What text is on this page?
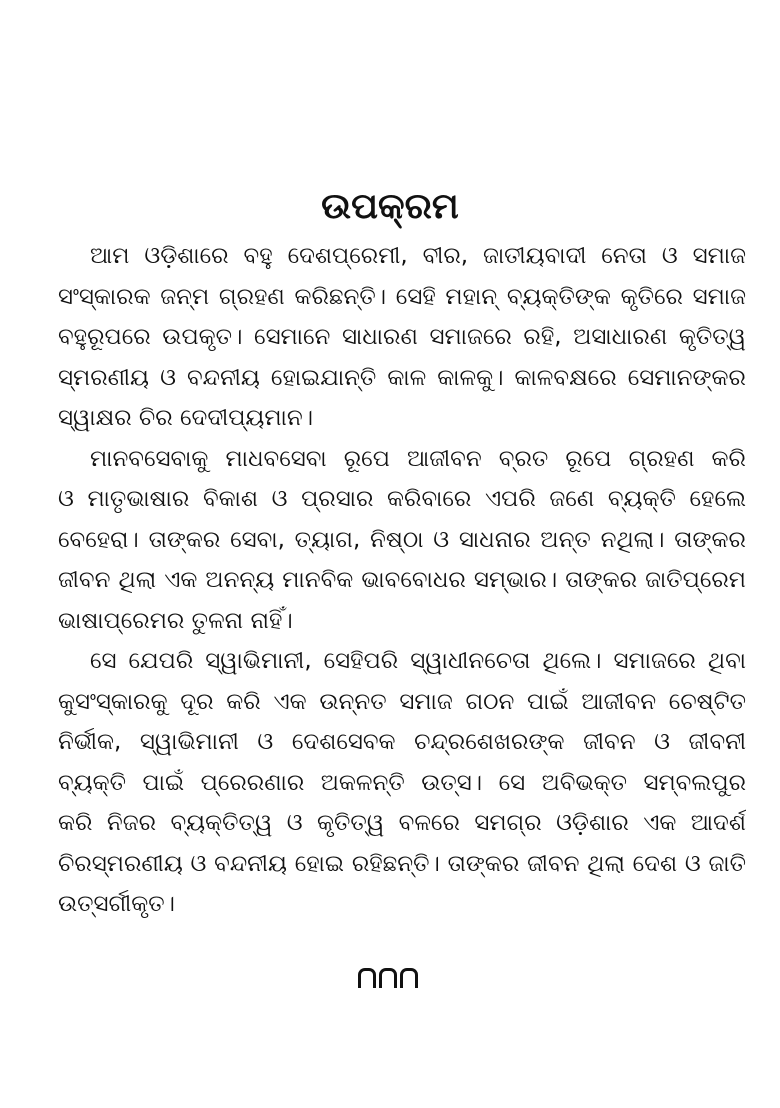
ଉପକ୍ରମ
ଆମ ଓଡ଼ିଶାରେ ବହୁ ଦେଶପ୍ରେମୀ, ବୀର, ଜାତୀୟବାଦୀ ନେତା ଓ ସମାଜ
ସଂସ୍କାରକ ଜନ୍ମ ଗ୍ରହଣ କରିଛନ୍ତି। ସେହି ମହାନ୍ ବ୍ୟକ୍ତିଙ୍କ କୃତିରେ ସମାଜ
ବହୁରୂପରେ ଉପକୃତ। ସେମାନେ ସାଧାରଣ ସମାଜରେ ରହି, ଅସାଧାରଣ କୃତିତ୍ୱ
ସ୍ମରଣୀୟ ଓ ବନ୍ଦନୀୟ ହୋଇଯାନ୍ତି କାଳ କାଳକୁ। କାଳବକ୍ଷରେ ସେମାନଙ୍କର
ସ୍ୱାକ୍ଷର ଚିର ଦେଦୀପ୍ୟମାନ।
ମାନବସେବାକୁ ମାଧବସେବା ରୂପେ ଆଜୀବନ ବ୍ରତ ରୂପେ ଗ୍ରହଣ କରି
ଓ ମାତୃଭାଷାର ବିକାଶ ଓ ପ୍ରସାର କରିବାରେ ଏପରି ଜଣେ ବ୍ୟକ୍ତି ହେଲେ
ବେହେରା। ତାଙ୍କର ସେବା, ତ୍ୟାଗ, ନିଷ୍ଠା ଓ ସାଧନାର ଅନ୍ତ ନଥିଲା। ତାଙ୍କର
ଜୀବନ ଥିଲା ଏକ ଅନନ୍ୟ ମାନବିକ ଭାବବୋଧର ସମ୍ଭାର। ତାଙ୍କର ଜାତିପ୍ରେମ
ଭାଷାପ୍ରେମର ତୁଳନା ନାହିଁ।
ସେ ଯେପରି ସ୍ୱାଭିମାନୀ, ସେହିପରି ସ୍ୱାଧୀନଚେତା ଥିଲେ। ସମାଜରେ ଥିବା
କୁସଂସ୍କାରକୁ ଦୂର କରି ଏକ ଉନ୍ନତ ସମାଜ ଗଠନ ପାଇଁ ଆଜୀବନ ଚେଷ୍ଟିତ
ନିର୍ଭୀକ, ସ୍ୱାଭିମାନୀ ଓ ଦେଶସେବକ ଚନ୍ଦ୍ରଶେଖରଙ୍କ ଜୀବନ ଓ ଜୀବନୀ
ବ୍ୟକ୍ତି ପାଇଁ ପ୍ରେରଣାର ଅକଳନ୍ତି ଉତ୍ସ। ସେ ଅବିଭକ୍ତ ସମ୍ବଲପୁର
କରି ନିଜର ବ୍ୟକ୍ତିତ୍ୱ ଓ କୃତିତ୍ୱ ବଳରେ ସମଗ୍ର ଓଡ଼ିଶାର ଏକ ଆଦର୍ଶ
ଚିରସ୍ମରଣୀୟ ଓ ବନ୍ଦନୀୟ ହୋଇ ରହିଛନ୍ତି। ତାଙ୍କର ଜୀବନ ଥିଲା ଦେଶ ଓ ଜାତି
ଉତ୍ସର୍ଗୀକୃତ।
